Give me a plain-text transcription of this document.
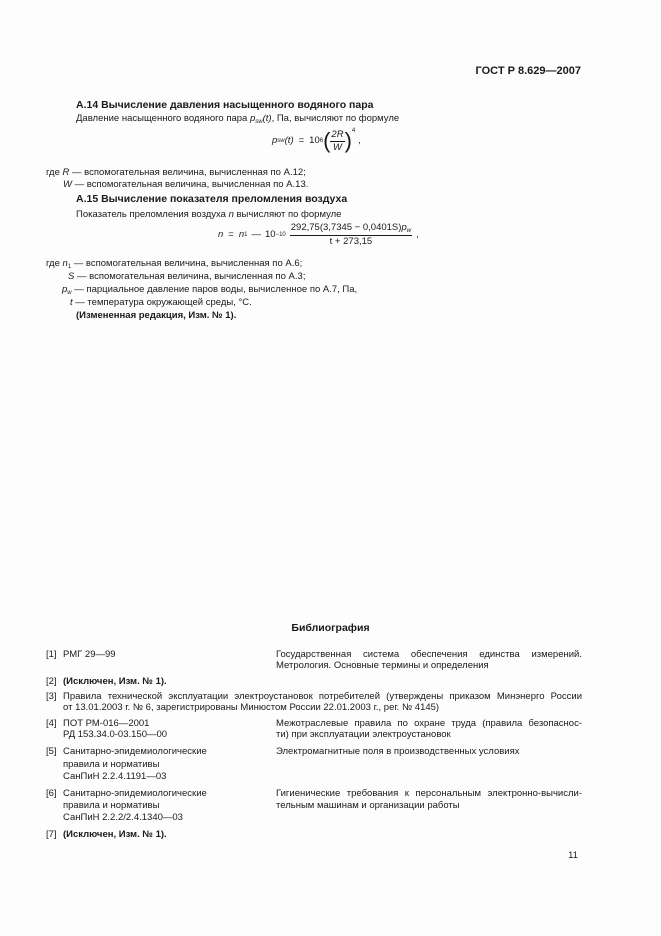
ГОСТ Р 8.629—2007
А.14 Вычисление давления насыщенного водяного пара
Давление насыщенного водяного пара $p_{sw}(t)$, Па, вычисляют по формуле
p sw (t) = 10 6 ( $\frac{2R}{W}$ ) 4
,
где R — вспомогательная величина, вычисленная по А.12;
W — вспомогательная величина, вычисленная по А.13.
А.15 Вычисление показателя преломления воздуха
Показатель преломления воздуха n вычисляют по формуле
n = n 1 — $10 -10 \frac{292,75(3,7345 - 0,0401S)p_w}{t + 273,15}$ ,
где $n_1$ — вспомогательная величина, вычисленная по А.6;
S — вспомогательная величина, вычисленная по А.3;
$p_w$ — парциальное давление паров воды, вычисленное по А.7, Па,
t — температура окружающей среды, °С.
(Измененная редакция, Изм. № 1).
Библиография
[1] РМГ 29—99	Государственная система обеспечения единства измерений.
Метрология. Основные термины и определения
[2] (Исключен, Изм. № 1).
[3] Правила технической эксплуатации электроустановок потребителей (утверждены приказом Минэнерго России
от 13.01.2003 г. № 6, зарегистрированы Минюстом России 22.01.2003 г., рег. № 4145)
[4] ПОТ РМ-016—2001
РД 153.34.0-03.150—00
Межотраслевые правила по охране труда (правила безопаснос-
ти) при эксплуатации электроустановок
[5] Санитарно-эпидемиологические
правила и нормативы
СанПиН 2.2.4.1191—03
Электромагнитные поля в производственных условиях
[6] Санитарно-эпидемиологические
правила и нормативы
СанПиН 2.2.2/2.4.1340—03
Гигиенические требования к персональным электронно-вычисли-
тельным машинам и организации работы
[7] (Исключен, Изм. № 1).
11
